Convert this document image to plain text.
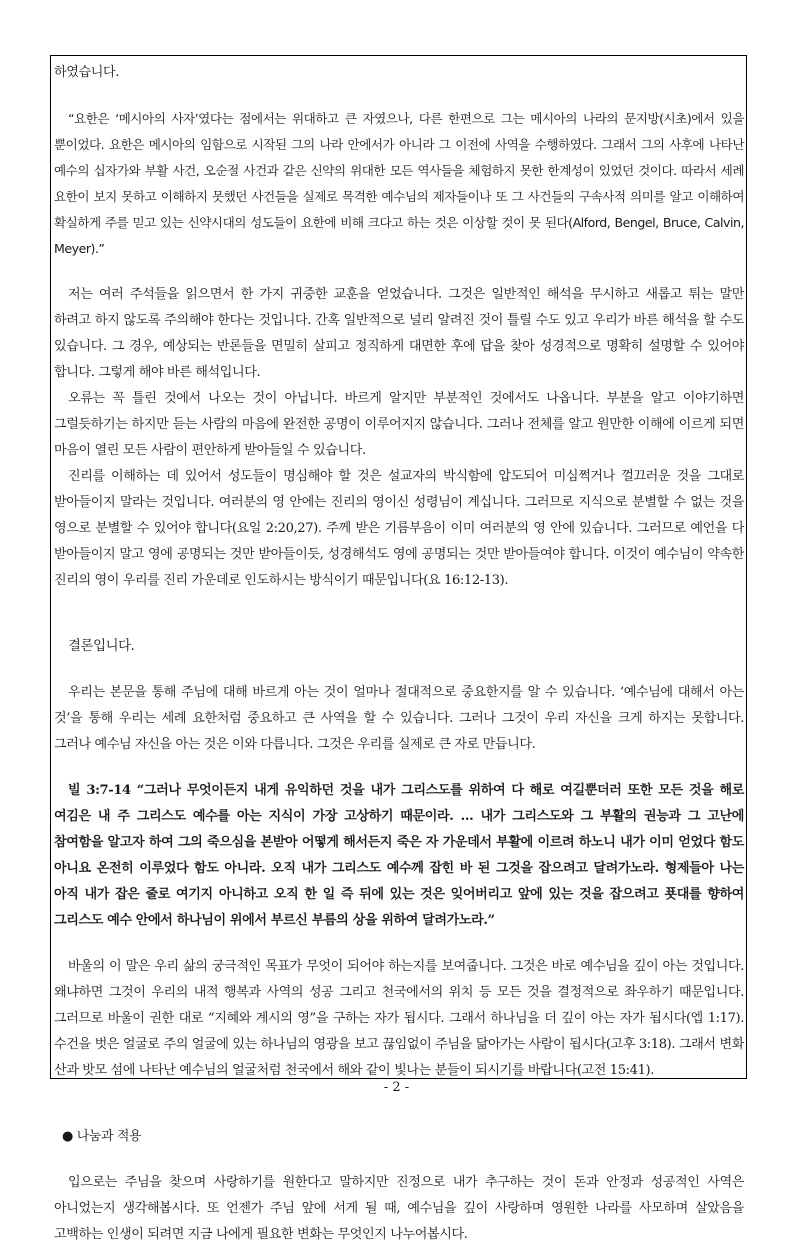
하였습니다.

“요한은 ‘메시아의 사자’였다는 점에서는 위대하고 큰 자였으나, 다른 한편으로 그는 메시아의 나라의 문지방(시초)에서 있을 뿐이었다. 요한은 메시아의 임함으로 시작된 그의 나라 안에서가 아니라 그 이전에 사역을 수행하였다. 그래서 그의 사후에 나타난 예수의 십자가와 부활 사건, 오순절 사건과 같은 신약의 위대한 모든 역사들을 체험하지 못한 한계성이 있었던 것이다. 따라서 세례 요한이 보지 못하고 이해하지 못했던 사건들을 실제로 목격한 예수님의 제자들이나 또 그 사건들의 구속사적 의미를 알고 이해하여 확실하게 주를 믿고 있는 신약시대의 성도들이 요한에 비해 크다고 하는 것은 이상할 것이 못 된다(Alford, Bengel, Bruce, Calvin, Meyer).”

저는 여러 주석들을 읽으면서 한 가지 귀중한 교훈을 얻었습니다. 그것은 일반적인 해석을 무시하고 새롭고 튀는 말만 하려고 하지 않도록 주의해야 한다는 것입니다. 간혹 일반적으로 널리 알려진 것이 틀릴 수도 있고 우리가 바른 해석을 할 수도 있습니다. 그 경우, 예상되는 반론들을 면밀히 살피고 정직하게 대면한 후에 답을 찾아 성경적으로 명확히 설명할 수 있어야 합니다. 그렇게 해야 바른 해석입니다.

오류는 꼭 틀린 것에서 나오는 것이 아닙니다. 바르게 알지만 부분적인 것에서도 나옵니다. 부분을 알고 이야기하면 그럴듯하기는 하지만 듣는 사람의 마음에 완전한 공명이 이루어지지 않습니다. 그러나 전체를 알고 원만한 이해에 이르게 되면 마음이 열린 모든 사람이 편안하게 받아들일 수 있습니다.

진리를 이해하는 데 있어서 성도들이 명심해야 할 것은 설교자의 박식함에 압도되어 미심쩍거나 껄끄러운 것을 그대로 받아들이지 말라는 것입니다. 여러분의 영 안에는 진리의 영이신 성령님이 계십니다. 그러므로 지식으로 분별할 수 없는 것을 영으로 분별할 수 있어야 합니다(요일 2:20,27). 주께 받은 기름부음이 이미 여러분의 영 안에 있습니다. 그러므로 예언을 다 받아들이지 말고 영에 공명되는 것만 받아들이듯, 성경해석도 영에 공명되는 것만 받아들여야 합니다. 이것이 예수님이 약속한 진리의 영이 우리를 진리 가운데로 인도하시는 방식이기 때문입니다(요 16:12-13).

결론입니다.

우리는 본문을 통해 주님에 대해 바르게 아는 것이 얼마나 절대적으로 중요한지를 알 수 있습니다. ‘예수님에 대해서 아는 것’을 통해 우리는 세례 요한처럼 중요하고 큰 사역을 할 수 있습니다. 그러나 그것이 우리 자신을 크게 하지는 못합니다. 그러나 예수님 자신을 아는 것은 이와 다릅니다. 그것은 우리를 실제로 큰 자로 만듭니다.

빌 3:7-14 “그러나 무엇이든지 내게 유익하던 것을 내가 그리스도를 위하여 다 해로 여길뿐더러 또한 모든 것을 해로 여김은 내 주 그리스도 예수를 아는 지식이 가장 고상하기 때문이라. … 내가 그리스도와 그 부활의 권능과 그 고난에 참여함을 알고자 하여 그의 죽으심을 본받아 어떻게 해서든지 죽은 자 가운데서 부활에 이르려 하노니 내가 이미 얻었다 함도 아니요 온전히 이루었다 함도 아니라. 오직 내가 그리스도 예수께 잡힌 바 된 그것을 잡으려고 달려가노라. 형제들아 나는 아직 내가 잡은 줄로 여기지 아니하고 오직 한 일 즉 뒤에 있는 것은 잊어버리고 앞에 있는 것을 잡으려고 푯대를 향하여 그리스도 예수 안에서 하나님이 위에서 부르신 부름의 상을 위하여 달려가노라.”

바울의 이 말은 우리 삶의 궁극적인 목표가 무엇이 되어야 하는지를 보여줍니다. 그것은 바로 예수님을 깊이 아는 것입니다. 왜냐하면 그것이 우리의 내적 행복과 사역의 성공 그리고 천국에서의 위치 등 모든 것을 결정적으로 좌우하기 때문입니다. 그러므로 바울이 권한 대로 “지혜와 계시의 영”을 구하는 자가 됩시다. 그래서 하나님을 더 깊이 아는 자가 됩시다(엡 1:17). 수건을 벗은 얼굴로 주의 얼굴에 있는 하나님의 영광을 보고 끊임없이 주님을 닮아가는 사람이 됩시다(고후 3:18). 그래서 변화 산과 밧모 섬에 나타난 예수님의 얼굴처럼 천국에서 해와 같이 빛나는 분들이 되시기를 바랍니다(고전 15:41).

● 나눔과 적용

입으로는 주님을 찾으며 사랑하기를 원한다고 말하지만 진정으로 내가 추구하는 것이 돈과 안정과 성공적인 사역은 아니었는지 생각해봅시다. 또 언젠가 주님 앞에 서게 될 때, 예수님을 깊이 사랑하며 영원한 나라를 사모하며 살았음을 고백하는 인생이 되려면 지금 나에게 필요한 변화는 무엇인지 나누어봅시다.

- 2 -
